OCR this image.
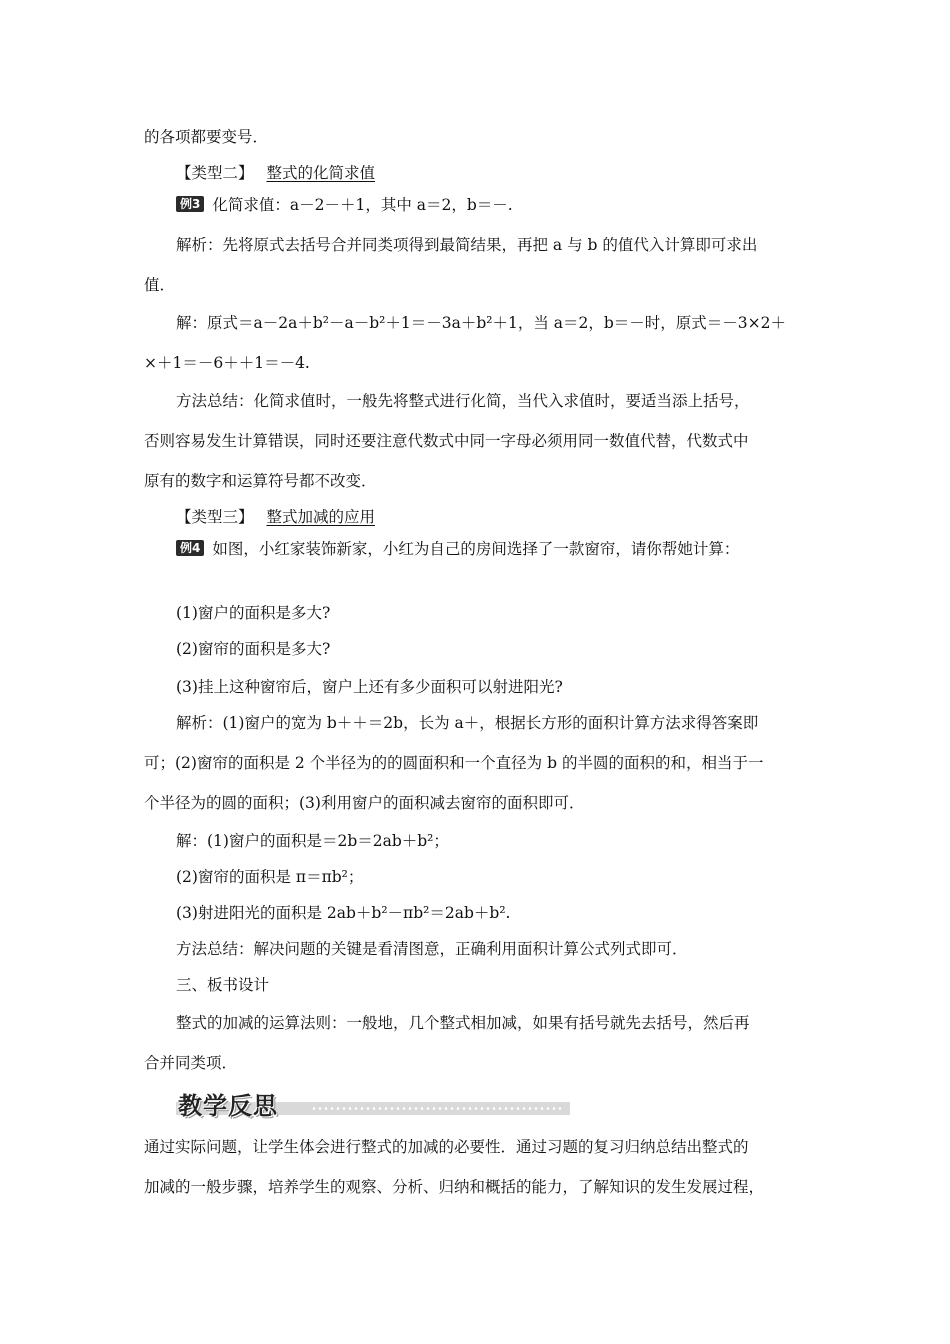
的各项都要变号．
【类型二】 整式的化简求值
例3 化简求值：a－2－＋1，其中 a＝2，b＝－.
解析：先将原式去括号合并同类项得到最简结果，再把 a 与 b 的值代入计算即可求出
值．
解：原式＝a－2a＋b²－a－b²＋1＝－3a＋b²＋1，当 a＝2，b＝－时，原式＝－3×2＋
×＋1＝－6＋＋1＝－4.
方法总结：化简求值时，一般先将整式进行化简，当代入求值时，要适当添上括号，
否则容易发生计算错误，同时还要注意代数式中同一字母必须用同一数值代替，代数式中
原有的数字和运算符号都不改变．
【类型三】 整式加减的应用
例4 如图，小红家装饰新家，小红为自己的房间选择了一款窗帘，请你帮她计算：
(1)窗户的面积是多大?
(2)窗帘的面积是多大?
(3)挂上这种窗帘后，窗户上还有多少面积可以射进阳光?
解析：(1)窗户的宽为 b＋＋＝2b，长为 a＋，根据长方形的面积计算方法求得答案即
可；(2)窗帘的面积是 2 个半径为的的圆面积和一个直径为 b 的半圆的面积的和，相当于一
个半径为的圆的面积；(3)利用窗户的面积减去窗帘的面积即可．
解：(1)窗户的面积是＝2b＝2ab＋b²；
(2)窗帘的面积是 π＝πb²；
(3)射进阳光的面积是 2ab＋b²－πb²＝2ab＋b².
方法总结：解决问题的关键是看清图意，正确利用面积计算公式列式即可．
三、板书设计
整式的加减的运算法则：一般地，几个整式相加减，如果有括号就先去括号，然后再
合并同类项．
教学反思
通过实际问题，让学生体会进行整式的加减的必要性．通过习题的复习归纳总结出整式的
加减的一般步骤，培养学生的观察、分析、归纳和概括的能力，了解知识的发生发展过程，
